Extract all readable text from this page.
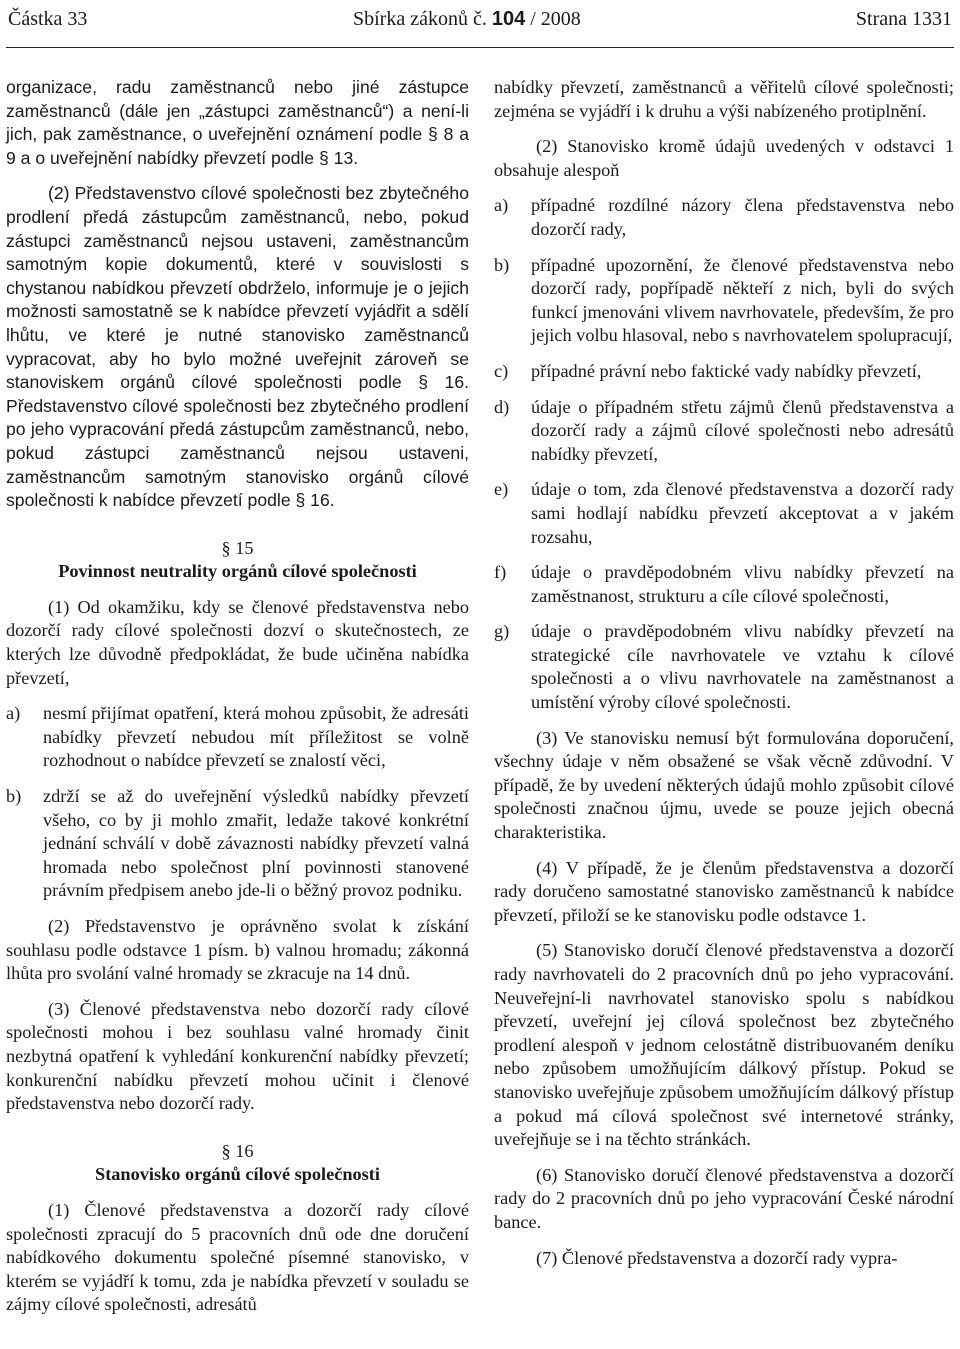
Částka 33	Sbírka zákonů č. 104 / 2008	Strana 1331

organizace, radu zaměstnanců nebo jiné zástupce zaměstnanců (dále jen „zástupci zaměstnanců“) a není-li jich, pak zaměstnance, o uveřejnění oznámení podle § 8 a 9 a o uveřejnění nabídky převzetí podle § 13.

(2) Představenstvo cílové společnosti bez zbytečného prodlení předá zástupcům zaměstnanců, nebo, pokud zástupci zaměstnanců nejsou ustaveni, zaměstnancům samotným kopie dokumentů, které v souvislosti s chystanou nabídkou převzetí obdrželo, informuje je o jejich možnosti samostatně se k nabídce převzetí vyjádřit a sdělí lhůtu, ve které je nutné stanovisko zaměstnanců vypracovat, aby ho bylo možné uveřejnit zároveň se stanoviskem orgánů cílové společnosti podle § 16. Představenstvo cílové společnosti bez zbytečného prodlení po jeho vypracování předá zástupcům zaměstnanců, nebo, pokud zástupci zaměstnanců nejsou ustaveni, zaměstnancům samotným stanovisko orgánů cílové společnosti k nabídce převzetí podle § 16.

§ 15

Povinnost neutrality orgánů cílové společnosti

(1) Od okamžiku, kdy se členové představenstva nebo dozorčí rady cílové společnosti dozví o skutečnostech, ze kterých lze důvodně předpokládat, že bude učiněna nabídka převzetí,

a)	nesmí přijímat opatření, která mohou způsobit, že adresáti nabídky převzetí nebudou mít příležitost se volně rozhodnout o nabídce převzetí se znalostí věci,
b)	zdrží se až do uveřejnění výsledků nabídky převzetí všeho, co by ji mohlo zmařit, ledaže takové konkrétní jednání schválí v době závaznosti nabídky převzetí valná hromada nebo společnost plní povinnosti stanovené právním předpisem anebo jde-li o běžný provoz podniku.

(2) Představenstvo je oprávněno svolat k získání souhlasu podle odstavce 1 písm. b) valnou hromadu; zákonná lhůta pro svolání valné hromady se zkracuje na 14 dnů.

(3) Členové představenstva nebo dozorčí rady cílové společnosti mohou i bez souhlasu valné hromady činit nezbytná opatření k vyhledání konkurenční nabídky převzetí; konkurenční nabídku převzetí mohou učinit i členové představenstva nebo dozorčí rady.

§ 16

Stanovisko orgánů cílové společnosti

(1) Členové představenstva a dozorčí rady cílové společnosti zpracují do 5 pracovních dnů ode dne doručení nabídkového dokumentu společné písemné stanovisko, v kterém se vyjádří k tomu, zda je nabídka převzetí v souladu se zájmy cílové společnosti, adresátů

nabídky převzetí, zaměstnanců a věřitelů cílové společnosti; zejména se vyjádří i k druhu a výši nabízeného protiplnění.

(2) Stanovisko kromě údajů uvedených v odstavci 1 obsahuje alespoň

a)	případné rozdílné názory člena představenstva nebo dozorčí rady,
b)	případné upozornění, že členové představenstva nebo dozorčí rady, popřípadě někteří z nich, byli do svých funkcí jmenováni vlivem navrhovatele, především, že pro jejich volbu hlasoval, nebo s navrhovatelem spolupracují,
c)	případné právní nebo faktické vady nabídky převzetí,
d)	údaje o případném střetu zájmů členů představenstva a dozorčí rady a zájmů cílové společnosti nebo adresátů nabídky převzetí,
e)	údaje o tom, zda členové představenstva a dozorčí rady sami hodlají nabídku převzetí akceptovat a v jakém rozsahu,
f)	údaje o pravděpodobném vlivu nabídky převzetí na zaměstnanost, strukturu a cíle cílové společnosti,
g)	údaje o pravděpodobném vlivu nabídky převzetí na strategické cíle navrhovatele ve vztahu k cílové společnosti a o vlivu navrhovatele na zaměstnanost a umístění výroby cílové společnosti.

(3) Ve stanovisku nemusí být formulována doporučení, všechny údaje v něm obsažené se však věcně zdůvodní. V případě, že by uvedení některých údajů mohlo způsobit cílové společnosti značnou újmu, uvede se pouze jejich obecná charakteristika.

(4) V případě, že je členům představenstva a dozorčí rady doručeno samostatné stanovisko zaměstnanců k nabídce převzetí, přiloží se ke stanovisku podle odstavce 1.

(5) Stanovisko doručí členové představenstva a dozorčí rady navrhovateli do 2 pracovních dnů po jeho vypracování. Neuveřejní-li navrhovatel stanovisko spolu s nabídkou převzetí, uveřejní jej cílová společnost bez zbytečného prodlení alespoň v jednom celostátně distribuovaném deníku nebo způsobem umožňujícím dálkový přístup. Pokud se stanovisko uveřejňuje způsobem umožňujícím dálkový přístup a pokud má cílová společnost své internetové stránky, uveřejňuje se i na těchto stránkách.

(6) Stanovisko doručí členové představenstva a dozorčí rady do 2 pracovních dnů po jeho vypracování České národní bance.

(7) Členové představenstva a dozorčí rady vypra-
